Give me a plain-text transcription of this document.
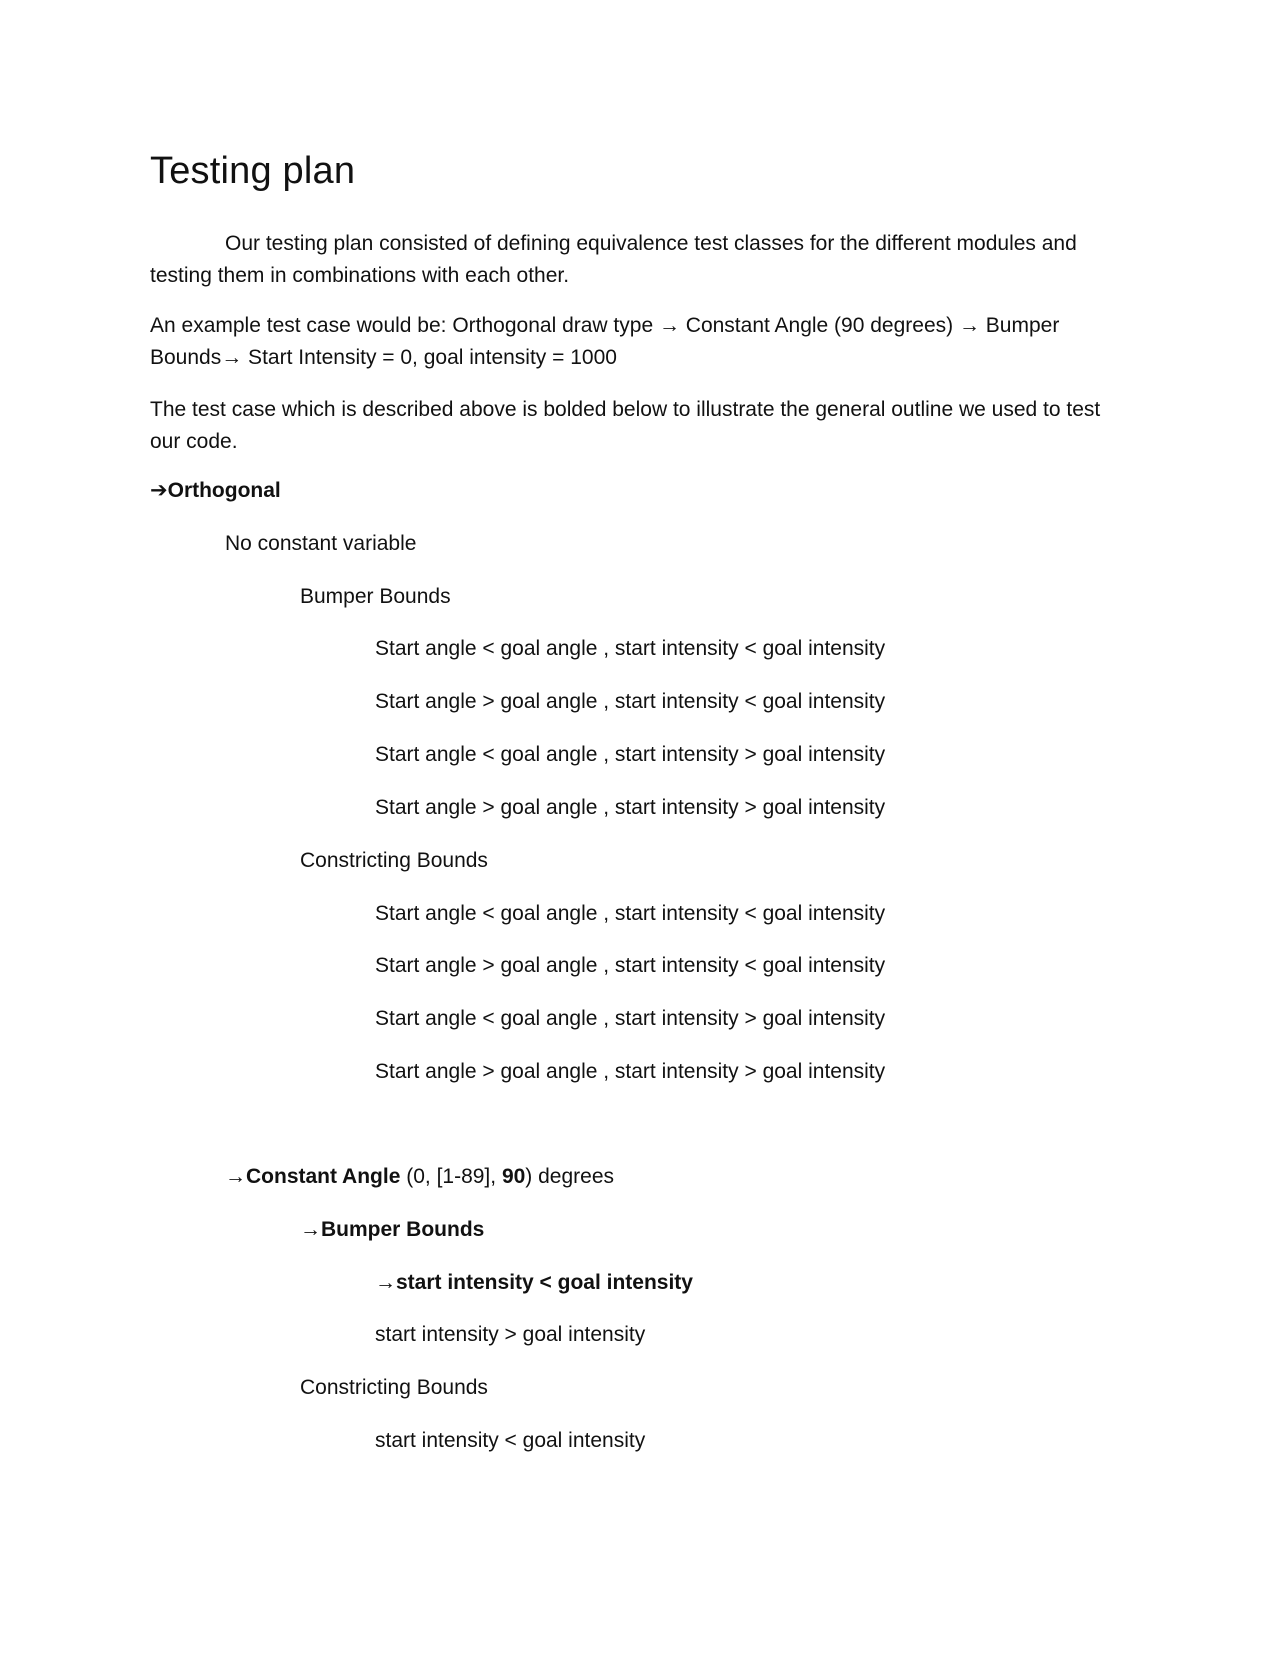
Testing plan

Our testing plan consisted of defining equivalence test classes for the different modules and testing them in combinations with each other.

An example test case would be: Orthogonal draw type → Constant Angle (90 degrees) → Bumper Bounds→ Start Intensity = 0, goal intensity = 1000

The test case which is described above is bolded below to illustrate the general outline we used to test our code.

➔Orthogonal
No constant variable
Bumper Bounds
Start angle < goal angle , start intensity < goal intensity
Start angle > goal angle , start intensity < goal intensity
Start angle < goal angle , start intensity > goal intensity
Start angle > goal angle , start intensity > goal intensity
Constricting Bounds
Start angle < goal angle , start intensity < goal intensity
Start angle > goal angle , start intensity < goal intensity
Start angle < goal angle , start intensity > goal intensity
Start angle > goal angle , start intensity > goal intensity
→Constant Angle (0, [1-89], 90) degrees
→Bumper Bounds
→start intensity < goal intensity
start intensity > goal intensity
Constricting Bounds
start intensity < goal intensity
